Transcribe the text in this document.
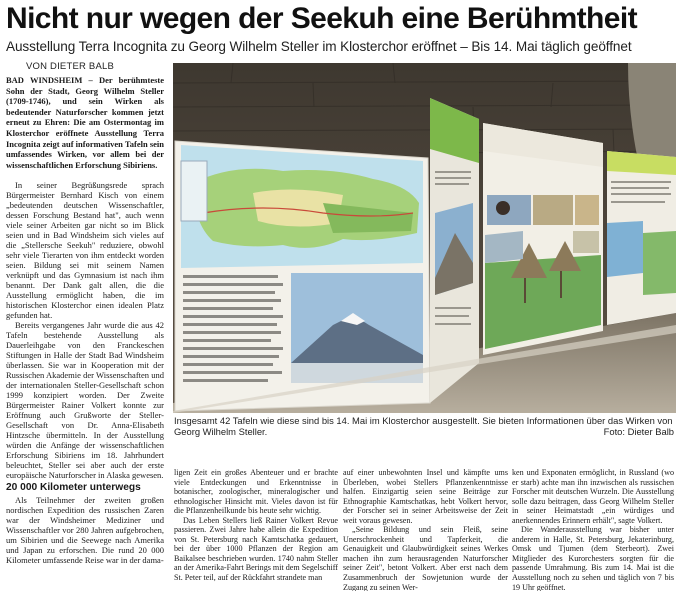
Nicht nur wegen der Seekuh eine Berühmtheit
Ausstellung Terra Incognita zu Georg Wilhelm Steller im Klosterchor eröffnet – Bis 14. Mai täglich geöffnet
VON DIETER BALB

BAD WINDSHEIM – Der berühmteste Sohn der Stadt, Georg Wilhelm Steller (1709-1746), und sein Wirken als bedeutender Naturforscher kommen jetzt erneut zu Ehren: Die am Ostermontag im Klosterchor eröffnete Ausstellung Terra Incognita zeigt auf informativen Tafeln sein umfassendes Wirken, vor allem bei der wissenschaftlichen Erforschung Sibiriens.

In seiner Begrüßungsrede sprach Bürgermeister Bernhard Kisch von einem „bedeutenden deutschen Wissenschaftler, dessen Forschung Bestand hat", auch wenn viele seiner Arbeiten gar nicht so im Blick seien und in Bad Windsheim sich vieles auf die „Stellersche Seekuh" reduziere, obwohl sehr viele Tierarten von ihm entdeckt worden seien. Bildung sei mit seinem Namen verknüpft und das Gymnasium ist nach ihm benannt. Der Dank galt allen, die die Ausstellung ermöglicht haben, die im historischen Klosterchor einen idealen Platz gefunden hat.

Bereits vergangenes Jahr wurde die aus 42 Tafeln bestehende Ausstellung als Dauerleihgabe von den Franckeschen Stiftungen in Halle der Stadt Bad Windsheim überlassen. Sie war in Kooperation mit der Russischen Akademie der Wissenschaften und der internationalen Steller-Gesellschaft schon 1999 konzipiert worden. Der Zweite Bürgermeister Rainer Volkert konnte zur Eröffnung auch Grußworte der Steller-Gesellschaft von Dr. Anna-Elisabeth Hintzsche übermitteln. In der Ausstellung würden die Anfänge der wissenschaftlichen Erforschung Sibiriens im 18. Jahrhundert beleuchtet, Steller sei aber auch der erste europäische Naturforscher in Alaska gewesen.

20 000 Kilometer unterwegs

Als Teilnehmer der zweiten großen nordischen Expedition des russischen Zaren war der Windsheimer Mediziner und Wissenschaftler vor 280 Jahren aufgebrochen, um Sibirien und die Seewege nach Amerika und Japan zu erforschen. Die rund 20 000 Kilometer umfassende Reise war in der dama-

Insgesamt 42 Tafeln wie diese sind bis 14. Mai im Klosterchor ausgestellt. Sie bieten Informationen über das Wirken von Georg Wilhelm Steller.	Foto: Dieter Balb

ligen Zeit ein großes Abenteuer und er brachte viele Entdeckungen und Erkenntnisse in botanischer, zoologischer, mineralogischer und ethnologischer Hinsicht mit. Vieles davon ist für die Pflanzenheilkunde bis heute sehr wichtig.

Das Leben Stellers ließ Rainer Volkert Revue passieren. Zwei Jahre habe allein die Expedition von St. Petersburg nach Kamtschatka gedauert, bei der über 1000 Pflanzen der Region am Baikalsee beschrieben wurden. 1740 nahm Steller an der Amerika-Fahrt Berings mit dem Segelschiff St. Peter teil, auf der Rückfahrt strandete man

auf einer unbewohnten Insel und kämpfte ums Überleben, wobei Stellers Pflanzenkenntnisse halfen. Einzigartig seien seine Beiträge zur Ethnographie Kamtschatkas, hebt Volkert hervor, der Forscher sei in seiner Arbeitsweise der Zeit weit voraus gewesen.

„Seine Bildung und sein Fleiß, seine Unerschrockenheit und Tapferkeit, die Genauigkeit und Glaubwürdigkeit seines Werkes machen ihn zum herausragenden Naturforscher seiner Zeit", betont Volkert. Aber erst nach dem Zusammenbruch der Sowjetunion wurde der Zugang zu seinen Wer-

ken und Exponaten ermöglicht, in Russland (wo er starb) achte man ihn inzwischen als russischen Forscher mit deutschen Wurzeln. Die Ausstellung solle dazu beitragen, dass Georg Wilhelm Steller in seiner Heimatstadt „ein würdiges und anerkennendes Erinnern erhält", sagte Volkert.

Die Wanderausstellung war bisher unter anderem in Halle, St. Petersburg, Jekaterinburg, Omsk und Tjumen (dem Sterbeort). Zwei Mitglieder des Kurorchesters sorgten für die passende Umrahmung. Bis zum 14. Mai ist die Ausstellung noch zu sehen und täglich von 7 bis 19 Uhr geöffnet.
